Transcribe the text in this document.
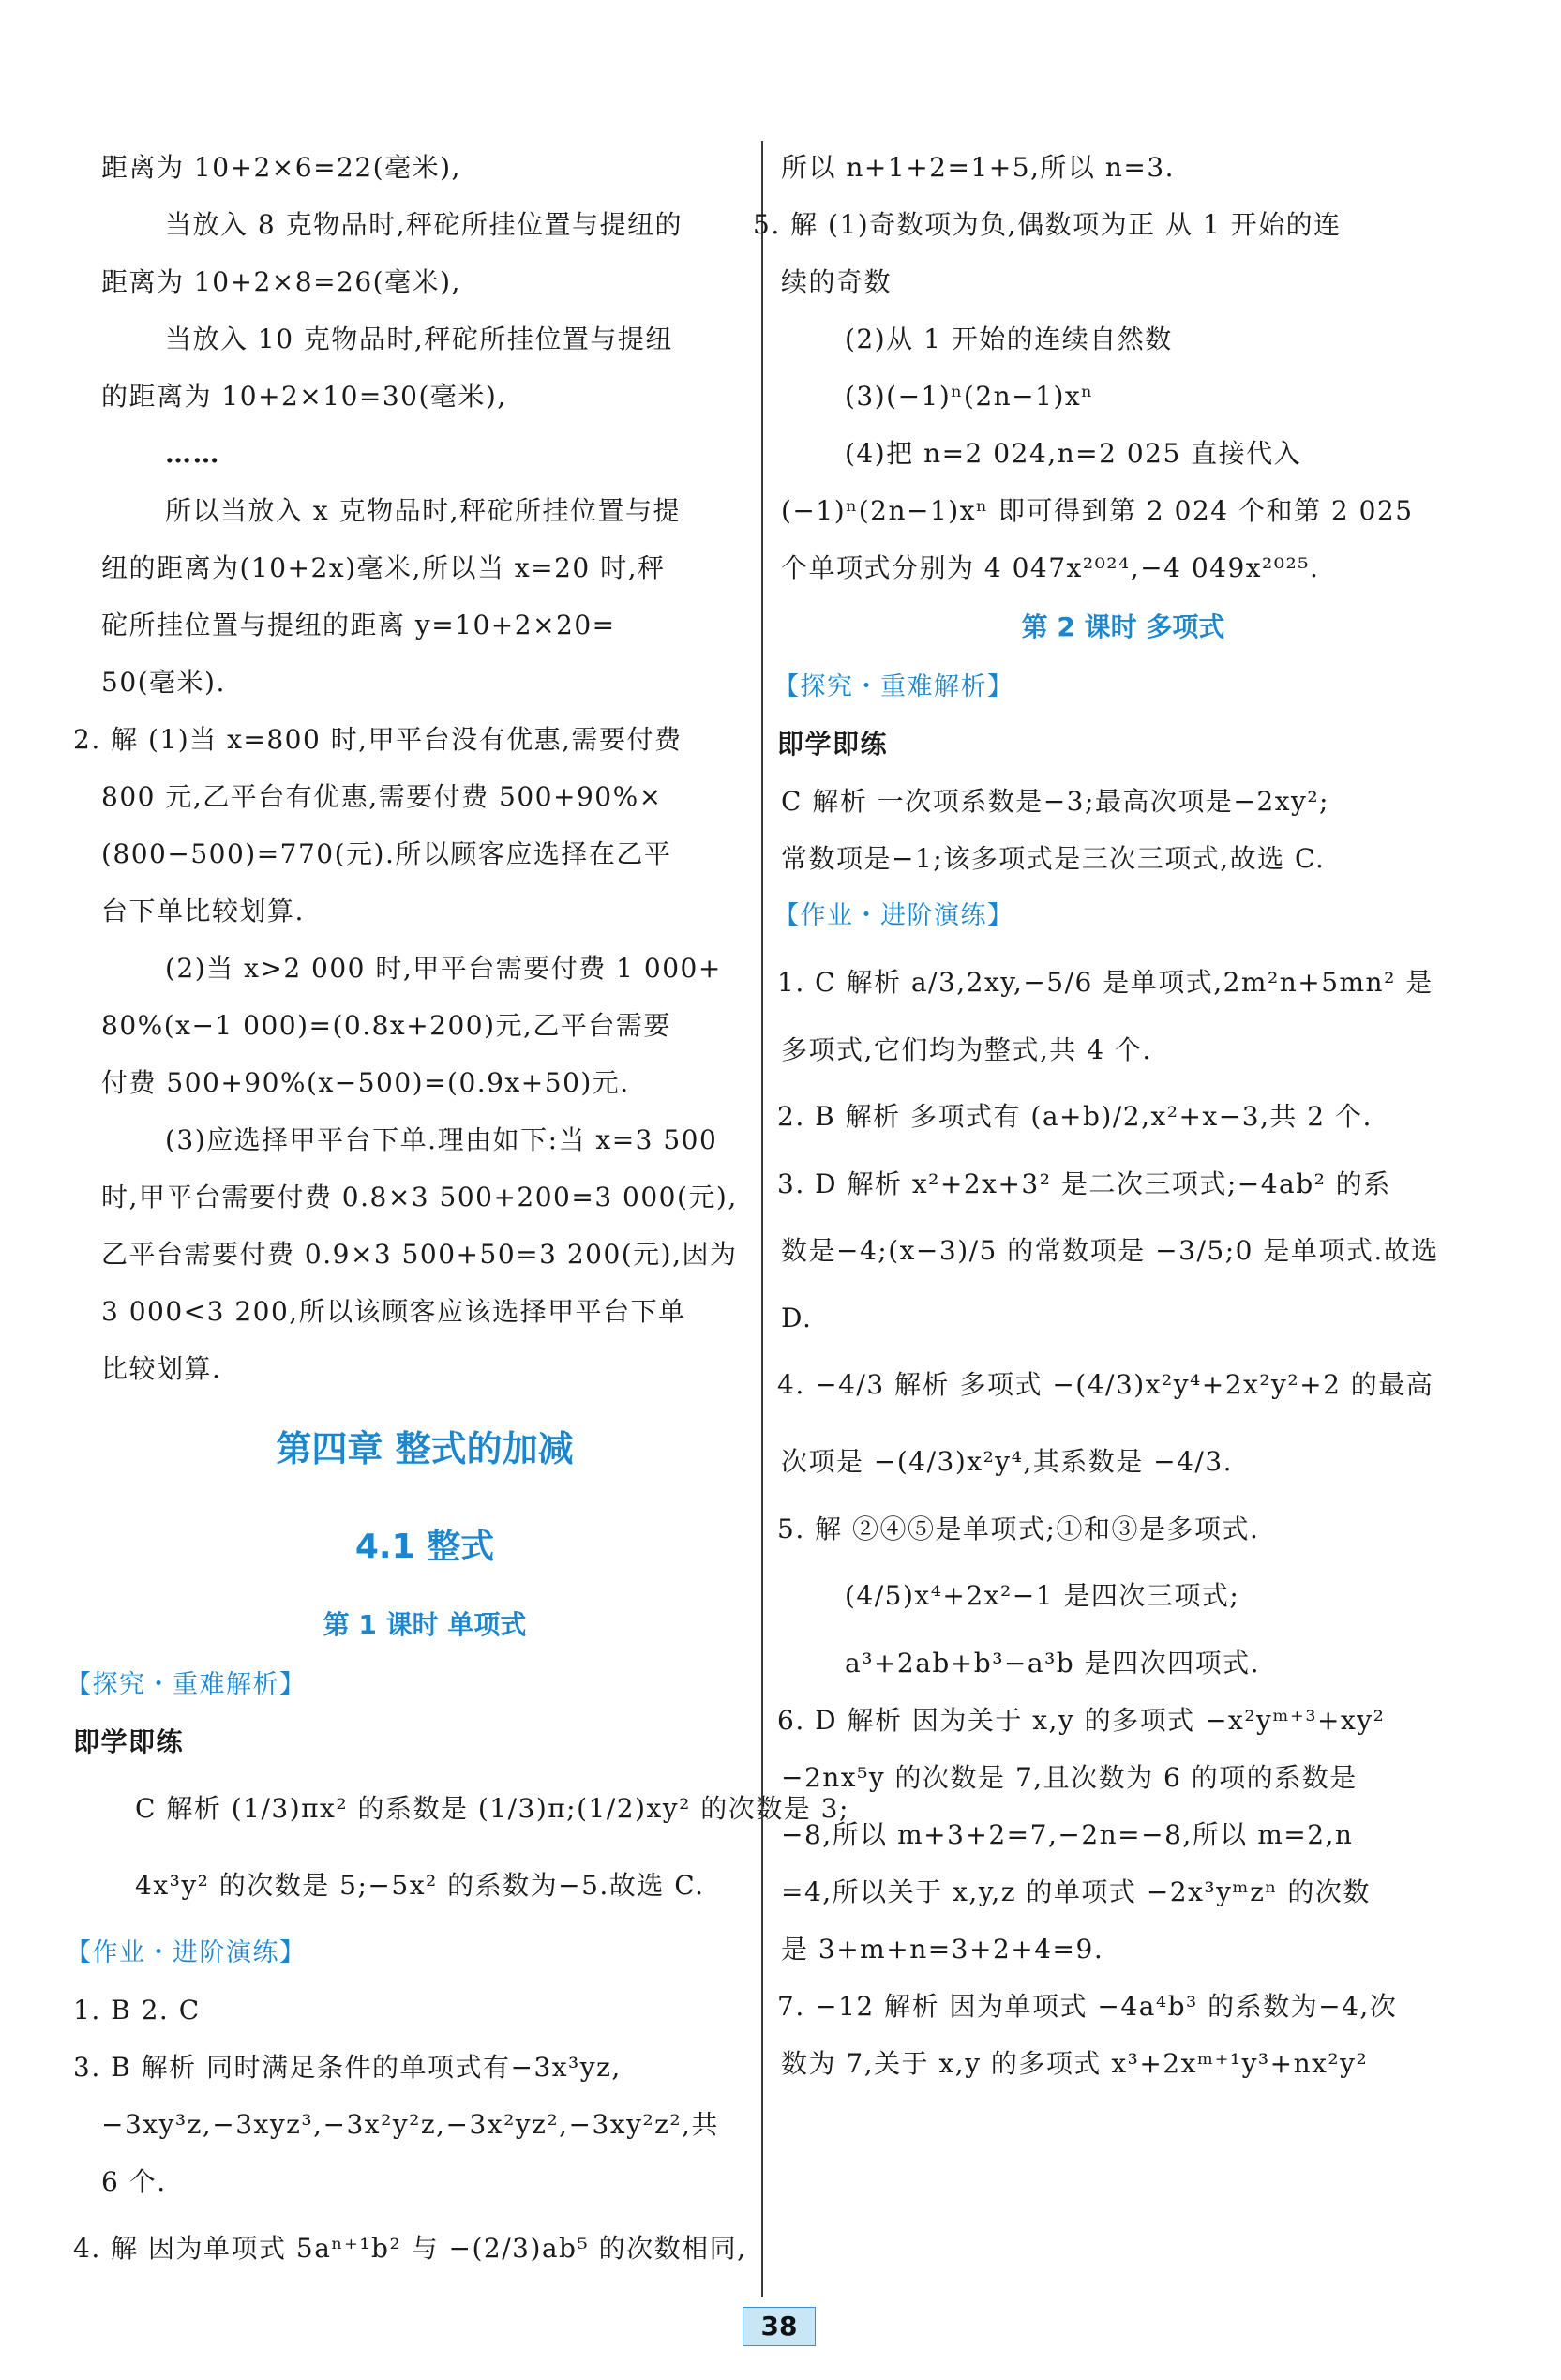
距离为 10+2×6=22(毫米),
当放入 8 克物品时,秤砣所挂位置与提纽的
距离为 10+2×8=26(毫米),
当放入 10 克物品时,秤砣所挂位置与提纽
的距离为 10+2×10=30(毫米),
……
所以当放入 x 克物品时,秤砣所挂位置与提
纽的距离为(10+2x)毫米,所以当 x=20 时,秤
砣所挂位置与提纽的距离 y=10+2×20=
50(毫米).
2. 解 (1)当 x=800 时,甲平台没有优惠,需要付费
800 元,乙平台有优惠,需要付费 500+90%×
(800−500)=770(元).所以顾客应选择在乙平
台下单比较划算.
(2)当 x>2 000 时,甲平台需要付费 1 000+
80%(x−1 000)=(0.8x+200)元,乙平台需要
付费 500+90%(x−500)=(0.9x+50)元.
(3)应选择甲平台下单.理由如下:当 x=3 500
时,甲平台需要付费 0.8×3 500+200=3 000(元),
乙平台需要付费 0.9×3 500+50=3 200(元),因为
3 000<3 200,所以该顾客应该选择甲平台下单
比较划算.
第四章 整式的加减
4.1 整式
第 1 课时 单项式
【探究・重难解析】
即学即练
C 解析 (1/3)πx² 的系数是 (1/3)π;(1/2)xy² 的次数是 3;
4x³y² 的次数是 5;−5x² 的系数为−5.故选 C.
【作业・进阶演练】
1. B 2. C
3. B 解析 同时满足条件的单项式有−3x³yz,
−3xy³z,−3xyz³,−3x²y²z,−3x²yz²,−3xy²z²,共
6 个.
4. 解 因为单项式 5aⁿ⁺¹b² 与 −(2/3)ab⁵ 的次数相同,
所以 n+1+2=1+5,所以 n=3.
5. 解 (1)奇数项为负,偶数项为正 从 1 开始的连
续的奇数
(2)从 1 开始的连续自然数
(3)(−1)ⁿ(2n−1)xⁿ
(4)把 n=2 024,n=2 025 直接代入
(−1)ⁿ(2n−1)xⁿ 即可得到第 2 024 个和第 2 025
个单项式分别为 4 047x²⁰²⁴,−4 049x²⁰²⁵.
第 2 课时 多项式
【探究・重难解析】
即学即练
C 解析 一次项系数是−3;最高次项是−2xy²;
常数项是−1;该多项式是三次三项式,故选 C.
【作业・进阶演练】
1. C 解析 a/3,2xy,−5/6 是单项式,2m²n+5mn² 是
多项式,它们均为整式,共 4 个.
2. B 解析 多项式有 (a+b)/2,x²+x−3,共 2 个.
3. D 解析 x²+2x+3² 是二次三项式;−4ab² 的系
数是−4;(x−3)/5 的常数项是 −3/5;0 是单项式.故选
D.
4. −4/3 解析 多项式 −(4/3)x²y⁴+2x²y²+2 的最高
次项是 −(4/3)x²y⁴,其系数是 −4/3.
5. 解 ②④⑤是单项式;①和③是多项式.
(4/5)x⁴+2x²−1 是四次三项式;
a³+2ab+b³−a³b 是四次四项式.
6. D 解析 因为关于 x,y 的多项式 −x²yᵐ⁺³+xy²
−2nx⁵y 的次数是 7,且次数为 6 的项的系数是
−8,所以 m+3+2=7,−2n=−8,所以 m=2,n
=4,所以关于 x,y,z 的单项式 −2x³yᵐzⁿ 的次数
是 3+m+n=3+2+4=9.
7. −12 解析 因为单项式 −4a⁴b³ 的系数为−4,次
数为 7,关于 x,y 的多项式 x³+2xᵐ⁺¹y³+nx²y²
38
